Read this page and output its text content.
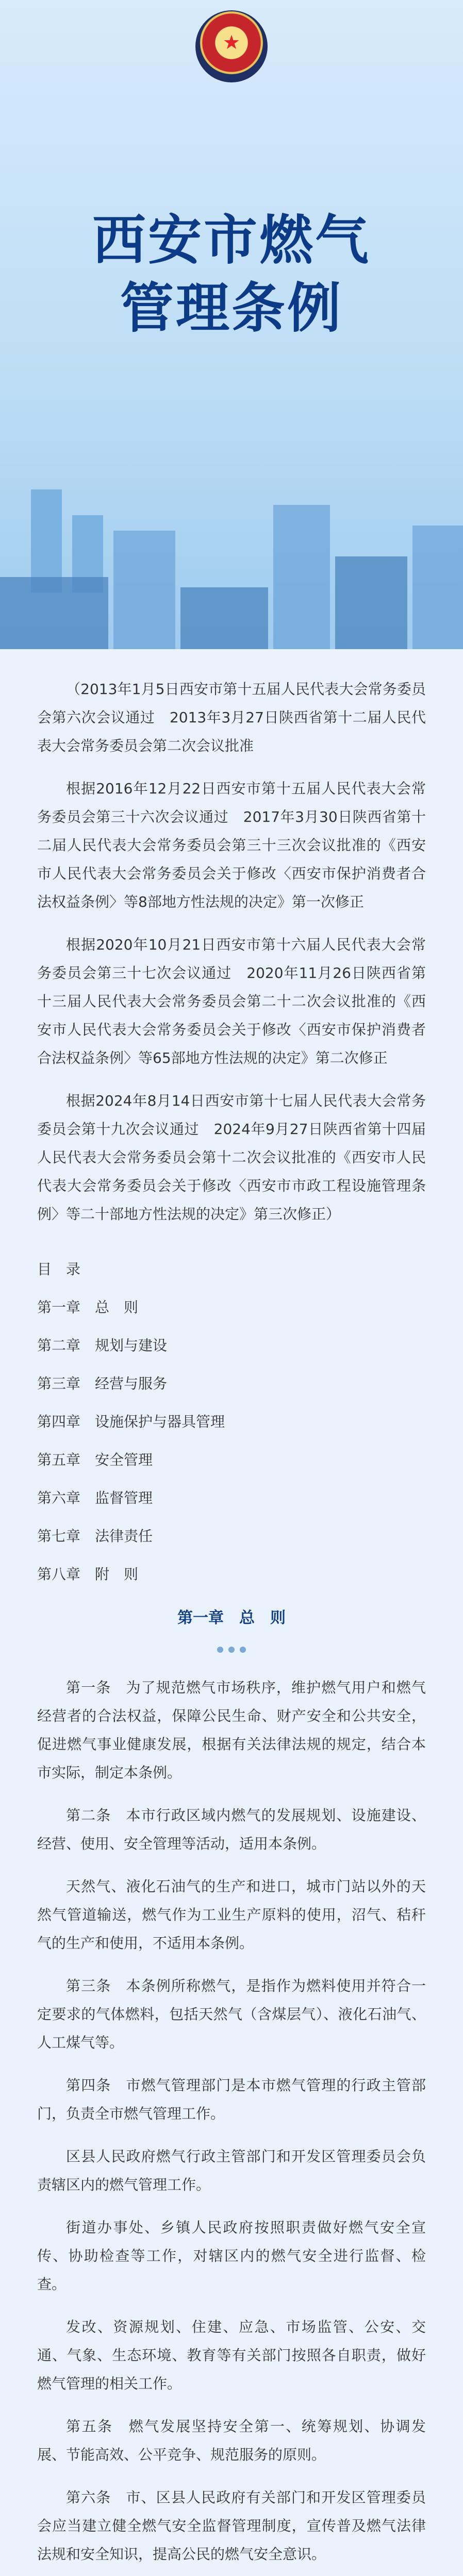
★
西安市燃气
管理条例

（2013年1月5日西安市第十五届人民代表大会常务委员会第六次会议通过　2013年3月27日陕西省第十二届人民代表大会常务委员会第二次会议批准

根据2016年12月22日西安市第十五届人民代表大会常务委员会第三十六次会议通过　2017年3月30日陕西省第十二届人民代表大会常务委员会第三十三次会议批准的《西安市人民代表大会常务委员会关于修改〈西安市保护消费者合法权益条例〉等8部地方性法规的决定》第一次修正

根据2020年10月21日西安市第十六届人民代表大会常务委员会第三十七次会议通过　2020年11月26日陕西省第十三届人民代表大会常务委员会第二十二次会议批准的《西安市人民代表大会常务委员会关于修改〈西安市保护消费者合法权益条例〉等65部地方性法规的决定》第二次修正

根据2024年8月14日西安市第十七届人民代表大会常务委员会第十九次会议通过　2024年9月27日陕西省第十四届人民代表大会常务委员会第十二次会议批准的《西安市人民代表大会常务委员会关于修改〈西安市市政工程设施管理条例〉等二十部地方性法规的决定》第三次修正）

目　录
第一章　总　则
第二章　规划与建设
第三章　经营与服务
第四章　设施保护与器具管理
第五章　安全管理
第六章　监督管理
第七章　法律责任
第八章　附　则
第一章　总　则

第一条　为了规范燃气市场秩序，维护燃气用户和燃气经营者的合法权益，保障公民生命、财产安全和公共安全，促进燃气事业健康发展，根据有关法律法规的规定，结合本市实际，制定本条例。

第二条　本市行政区域内燃气的发展规划、设施建设、经营、使用、安全管理等活动，适用本条例。

天然气、液化石油气的生产和进口，城市门站以外的天然气管道输送，燃气作为工业生产原料的使用，沼气、秸秆气的生产和使用，不适用本条例。

第三条　本条例所称燃气，是指作为燃料使用并符合一定要求的气体燃料，包括天然气（含煤层气）、液化石油气、人工煤气等。

第四条　市燃气管理部门是本市燃气管理的行政主管部门，负责全市燃气管理工作。

区县人民政府燃气行政主管部门和开发区管理委员会负责辖区内的燃气管理工作。

街道办事处、乡镇人民政府按照职责做好燃气安全宣传、协助检查等工作，对辖区内的燃气安全进行监督、检查。

发改、资源规划、住建、应急、市场监管、公安、交通、气象、生态环境、教育等有关部门按照各自职责，做好燃气管理的相关工作。

第五条　燃气发展坚持安全第一、统筹规划、协调发展、节能高效、公平竞争、规范服务的原则。

第六条　市、区县人民政府有关部门和开发区管理委员会应当建立健全燃气安全监督管理制度，宣传普及燃气法律法规和安全知识，提高公民的燃气安全意识。
